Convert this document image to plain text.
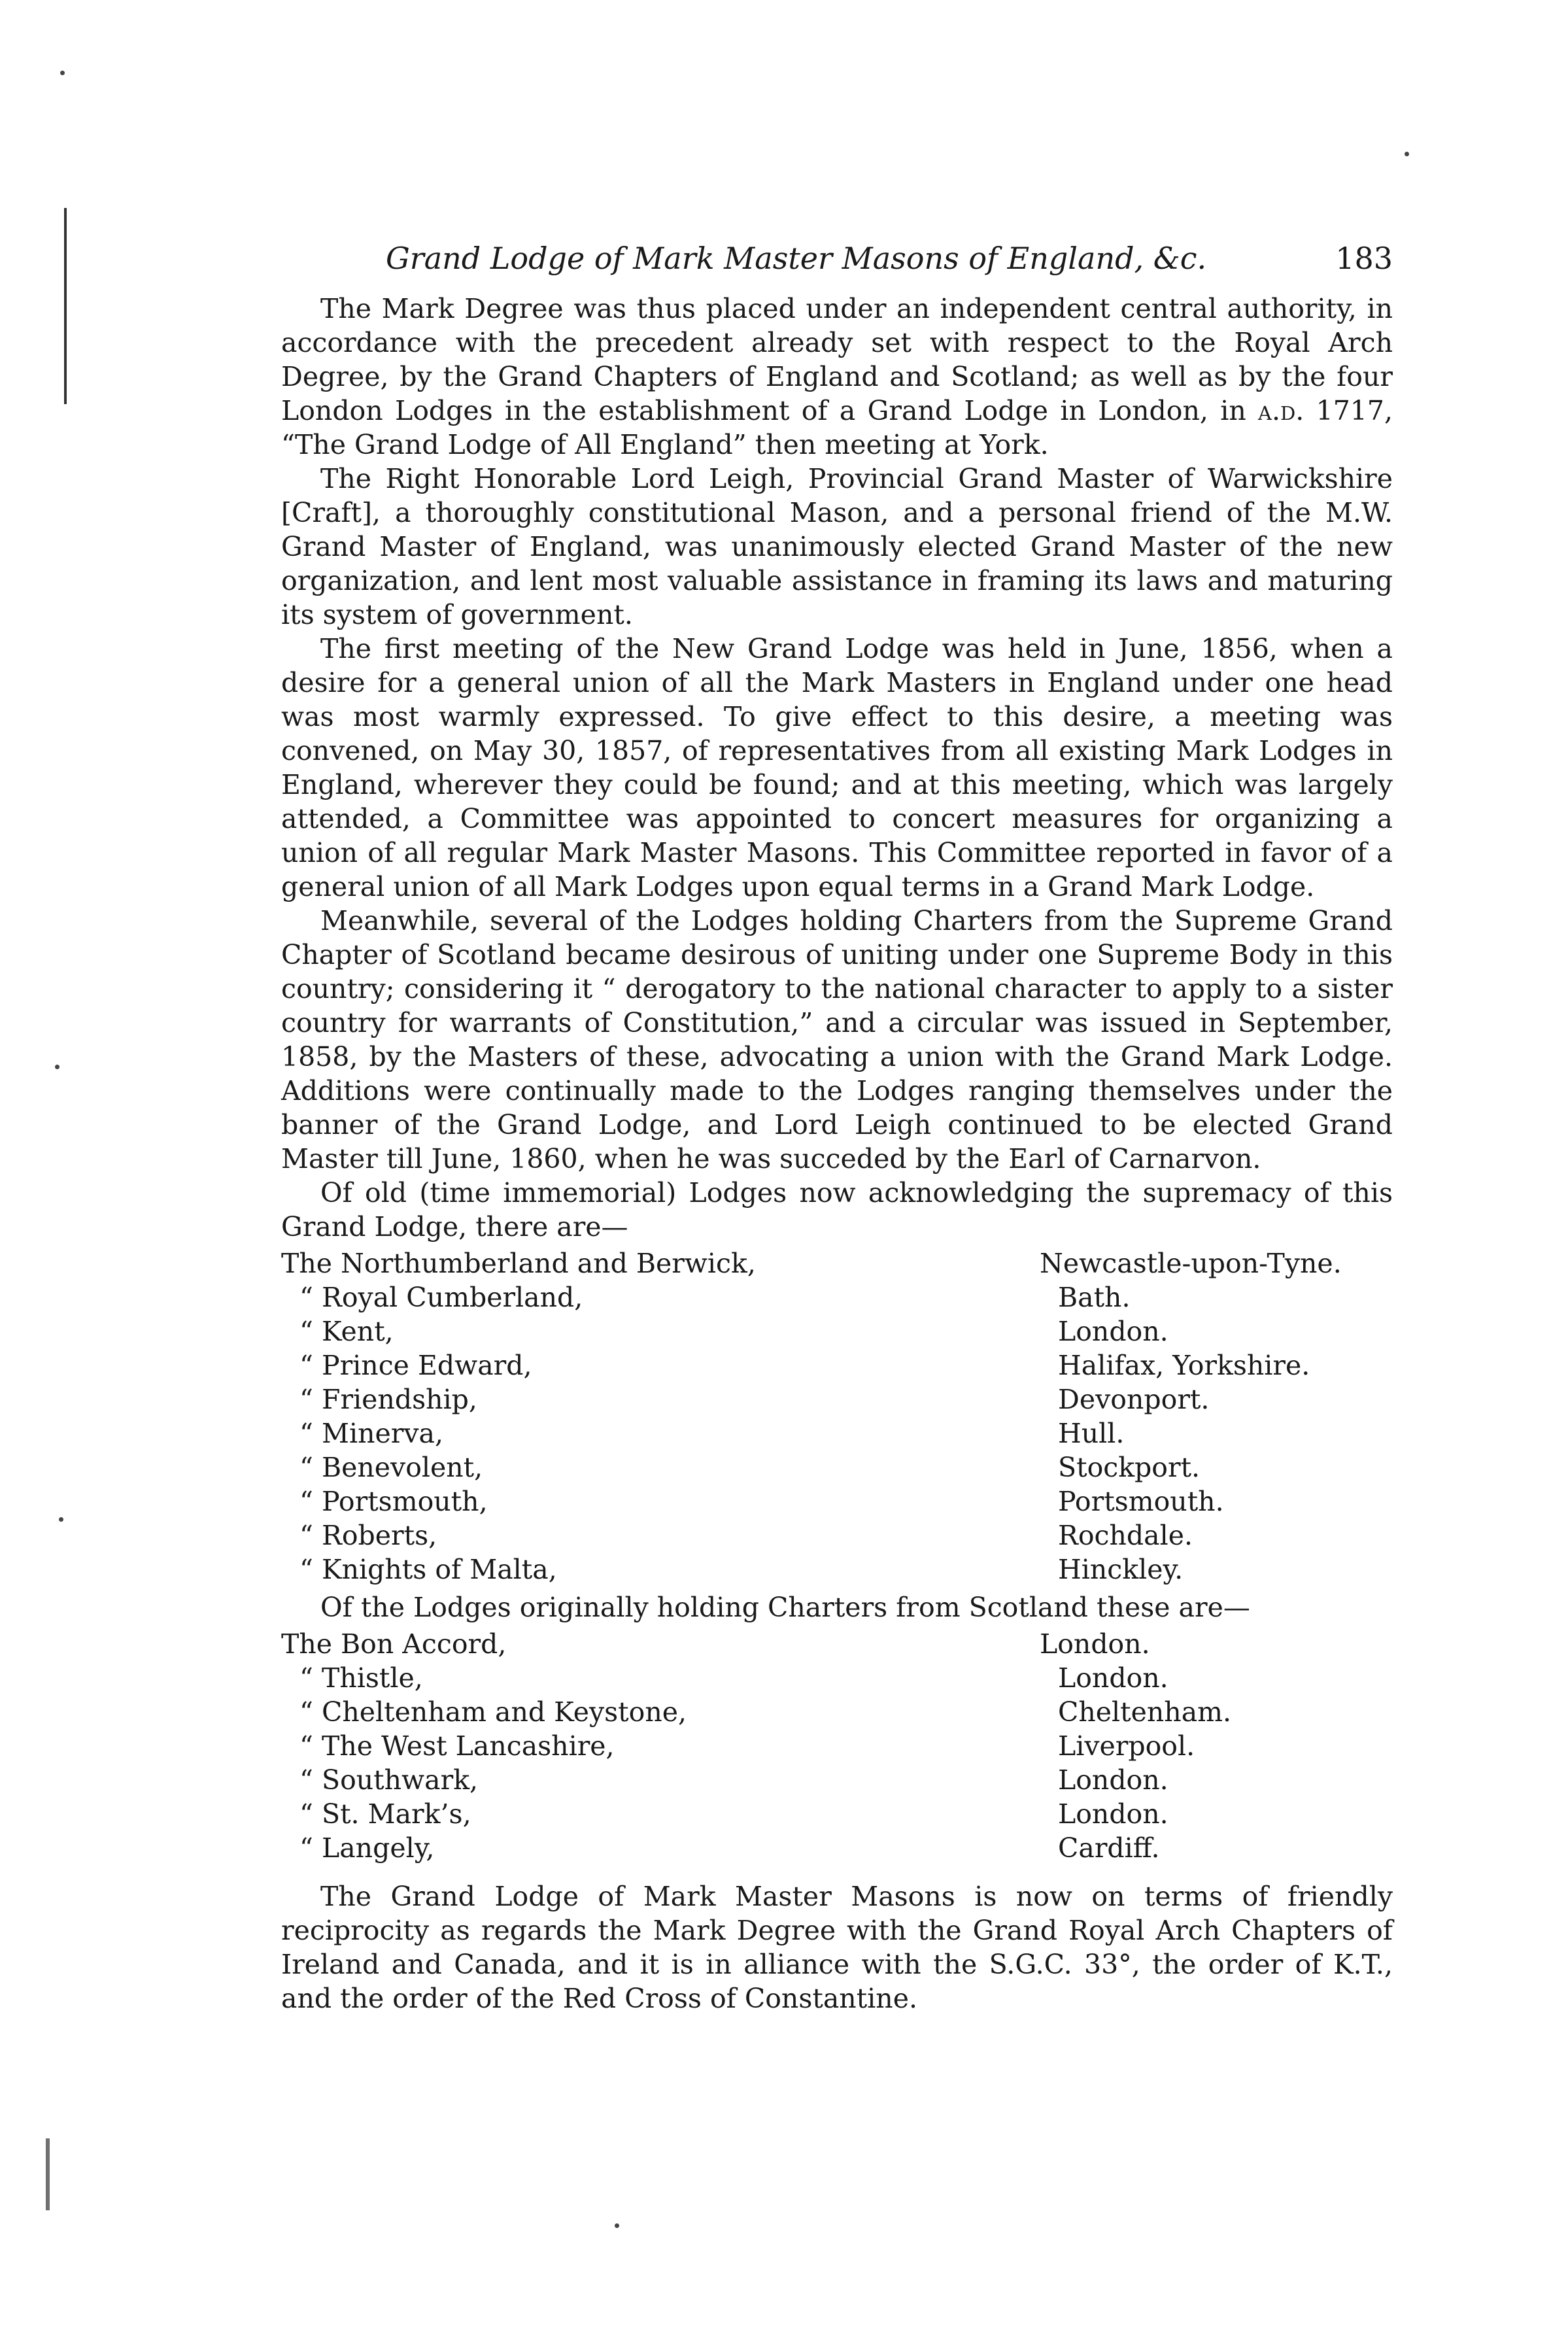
Grand Lodge of Mark Master Masons of England, &c.	183

The Mark Degree was thus placed under an independent central authority, in accordance with the precedent already set with respect to the Royal Arch Degree, by the Grand Chapters of England and Scotland; as well as by the four London Lodges in the establishment of a Grand Lodge in London, in a.d. 1717, “The Grand Lodge of All England” then meeting at York.

The Right Honorable Lord Leigh, Provincial Grand Master of Warwickshire [Craft], a thoroughly constitutional Mason, and a personal friend of the M.W. Grand Master of England, was unanimously elected Grand Master of the new organization, and lent most valuable assistance in framing its laws and maturing its system of government.

The first meeting of the New Grand Lodge was held in June, 1856, when a desire for a general union of all the Mark Masters in England under one head was most warmly expressed. To give effect to this desire, a meeting was convened, on May 30, 1857, of representatives from all existing Mark Lodges in England, wherever they could be found; and at this meeting, which was largely attended, a Committee was appointed to concert measures for organizing a union of all regular Mark Master Masons. This Committee reported in favor of a general union of all Mark Lodges upon equal terms in a Grand Mark Lodge.

Meanwhile, several of the Lodges holding Charters from the Supreme Grand Chapter of Scotland became desirous of uniting under one Supreme Body in this country; considering it “ derogatory to the national character to apply to a sister country for warrants of Constitution,” and a circular was issued in September, 1858, by the Masters of these, advocating a union with the Grand Mark Lodge. Additions were continually made to the Lodges ranging themselves under the banner of the Grand Lodge, and Lord Leigh continued to be elected Grand Master till June, 1860, when he was succeded by the Earl of Carnarvon.

Of old (time immemorial) Lodges now acknowledging the supremacy of this Grand Lodge, there are—

The Northumberland and Berwick,	Newcastle-upon-Tyne.
“ Royal Cumberland,	Bath.
“ Kent,	London.
“ Prince Edward,	Halifax, Yorkshire.
“ Friendship,	Devonport.
“ Minerva,	Hull.
“ Benevolent,	Stockport.
“ Portsmouth,	Portsmouth.
“ Roberts,	Rochdale.
“ Knights of Malta,	Hinckley.

Of the Lodges originally holding Charters from Scotland these are—

The Bon Accord,	London.
“ Thistle,	London.
“ Cheltenham and Keystone,	Cheltenham.
“ The West Lancashire,	Liverpool.
“ Southwark,	London.
“ St. Mark’s,	London.
“ Langely,	Cardiff.

The Grand Lodge of Mark Master Masons is now on terms of friendly reciprocity as regards the Mark Degree with the Grand Royal Arch Chapters of Ireland and Canada, and it is in alliance with the S.G.C. 33°, the order of K.T., and the order of the Red Cross of Constantine.
